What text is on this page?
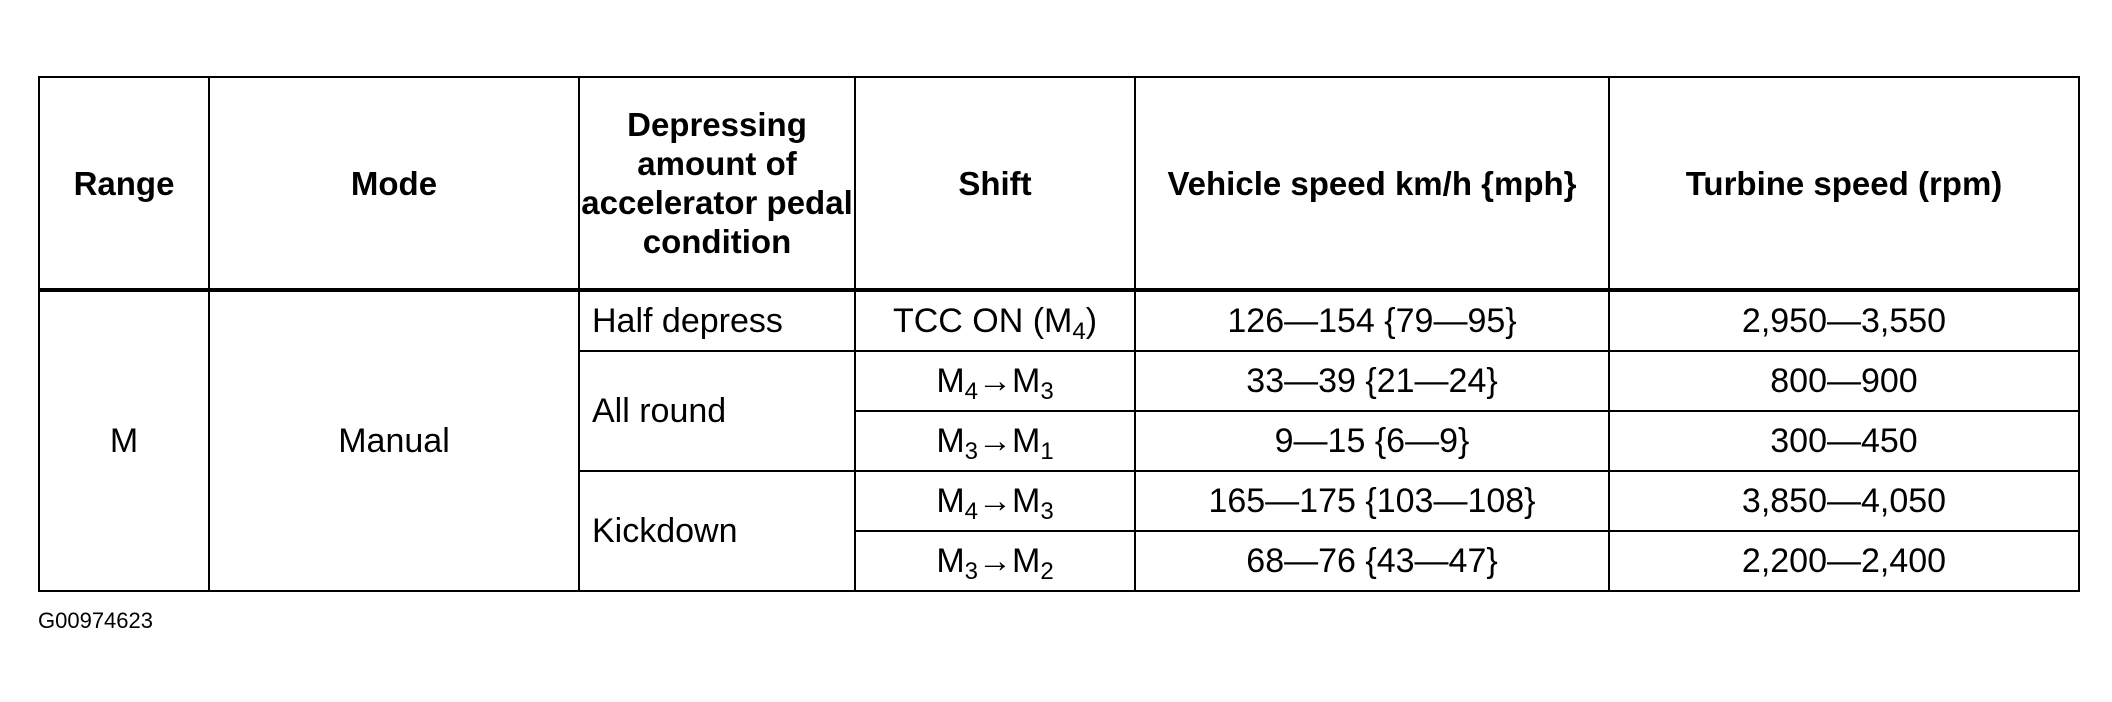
Range	Mode	Depressing amount of accelerator pedal condition	Shift	Vehicle speed km/h {mph}	Turbine speed (rpm)
M	Manual	Half depress	TCC ON $(M_4)$	126—154 {79—95}	2,950—3,550
		All round	$M_4\to M_3$	33—39 {21—24}	800—900
			$M_3\to M_1$	9—15 {6—9}	300—450
		Kickdown	$M_4\to M_3$	165—175 {103—108}	3,850—4,050
			$M_3\to M_2$	68—76 {43—47}	2,200—2,400
G00974623
